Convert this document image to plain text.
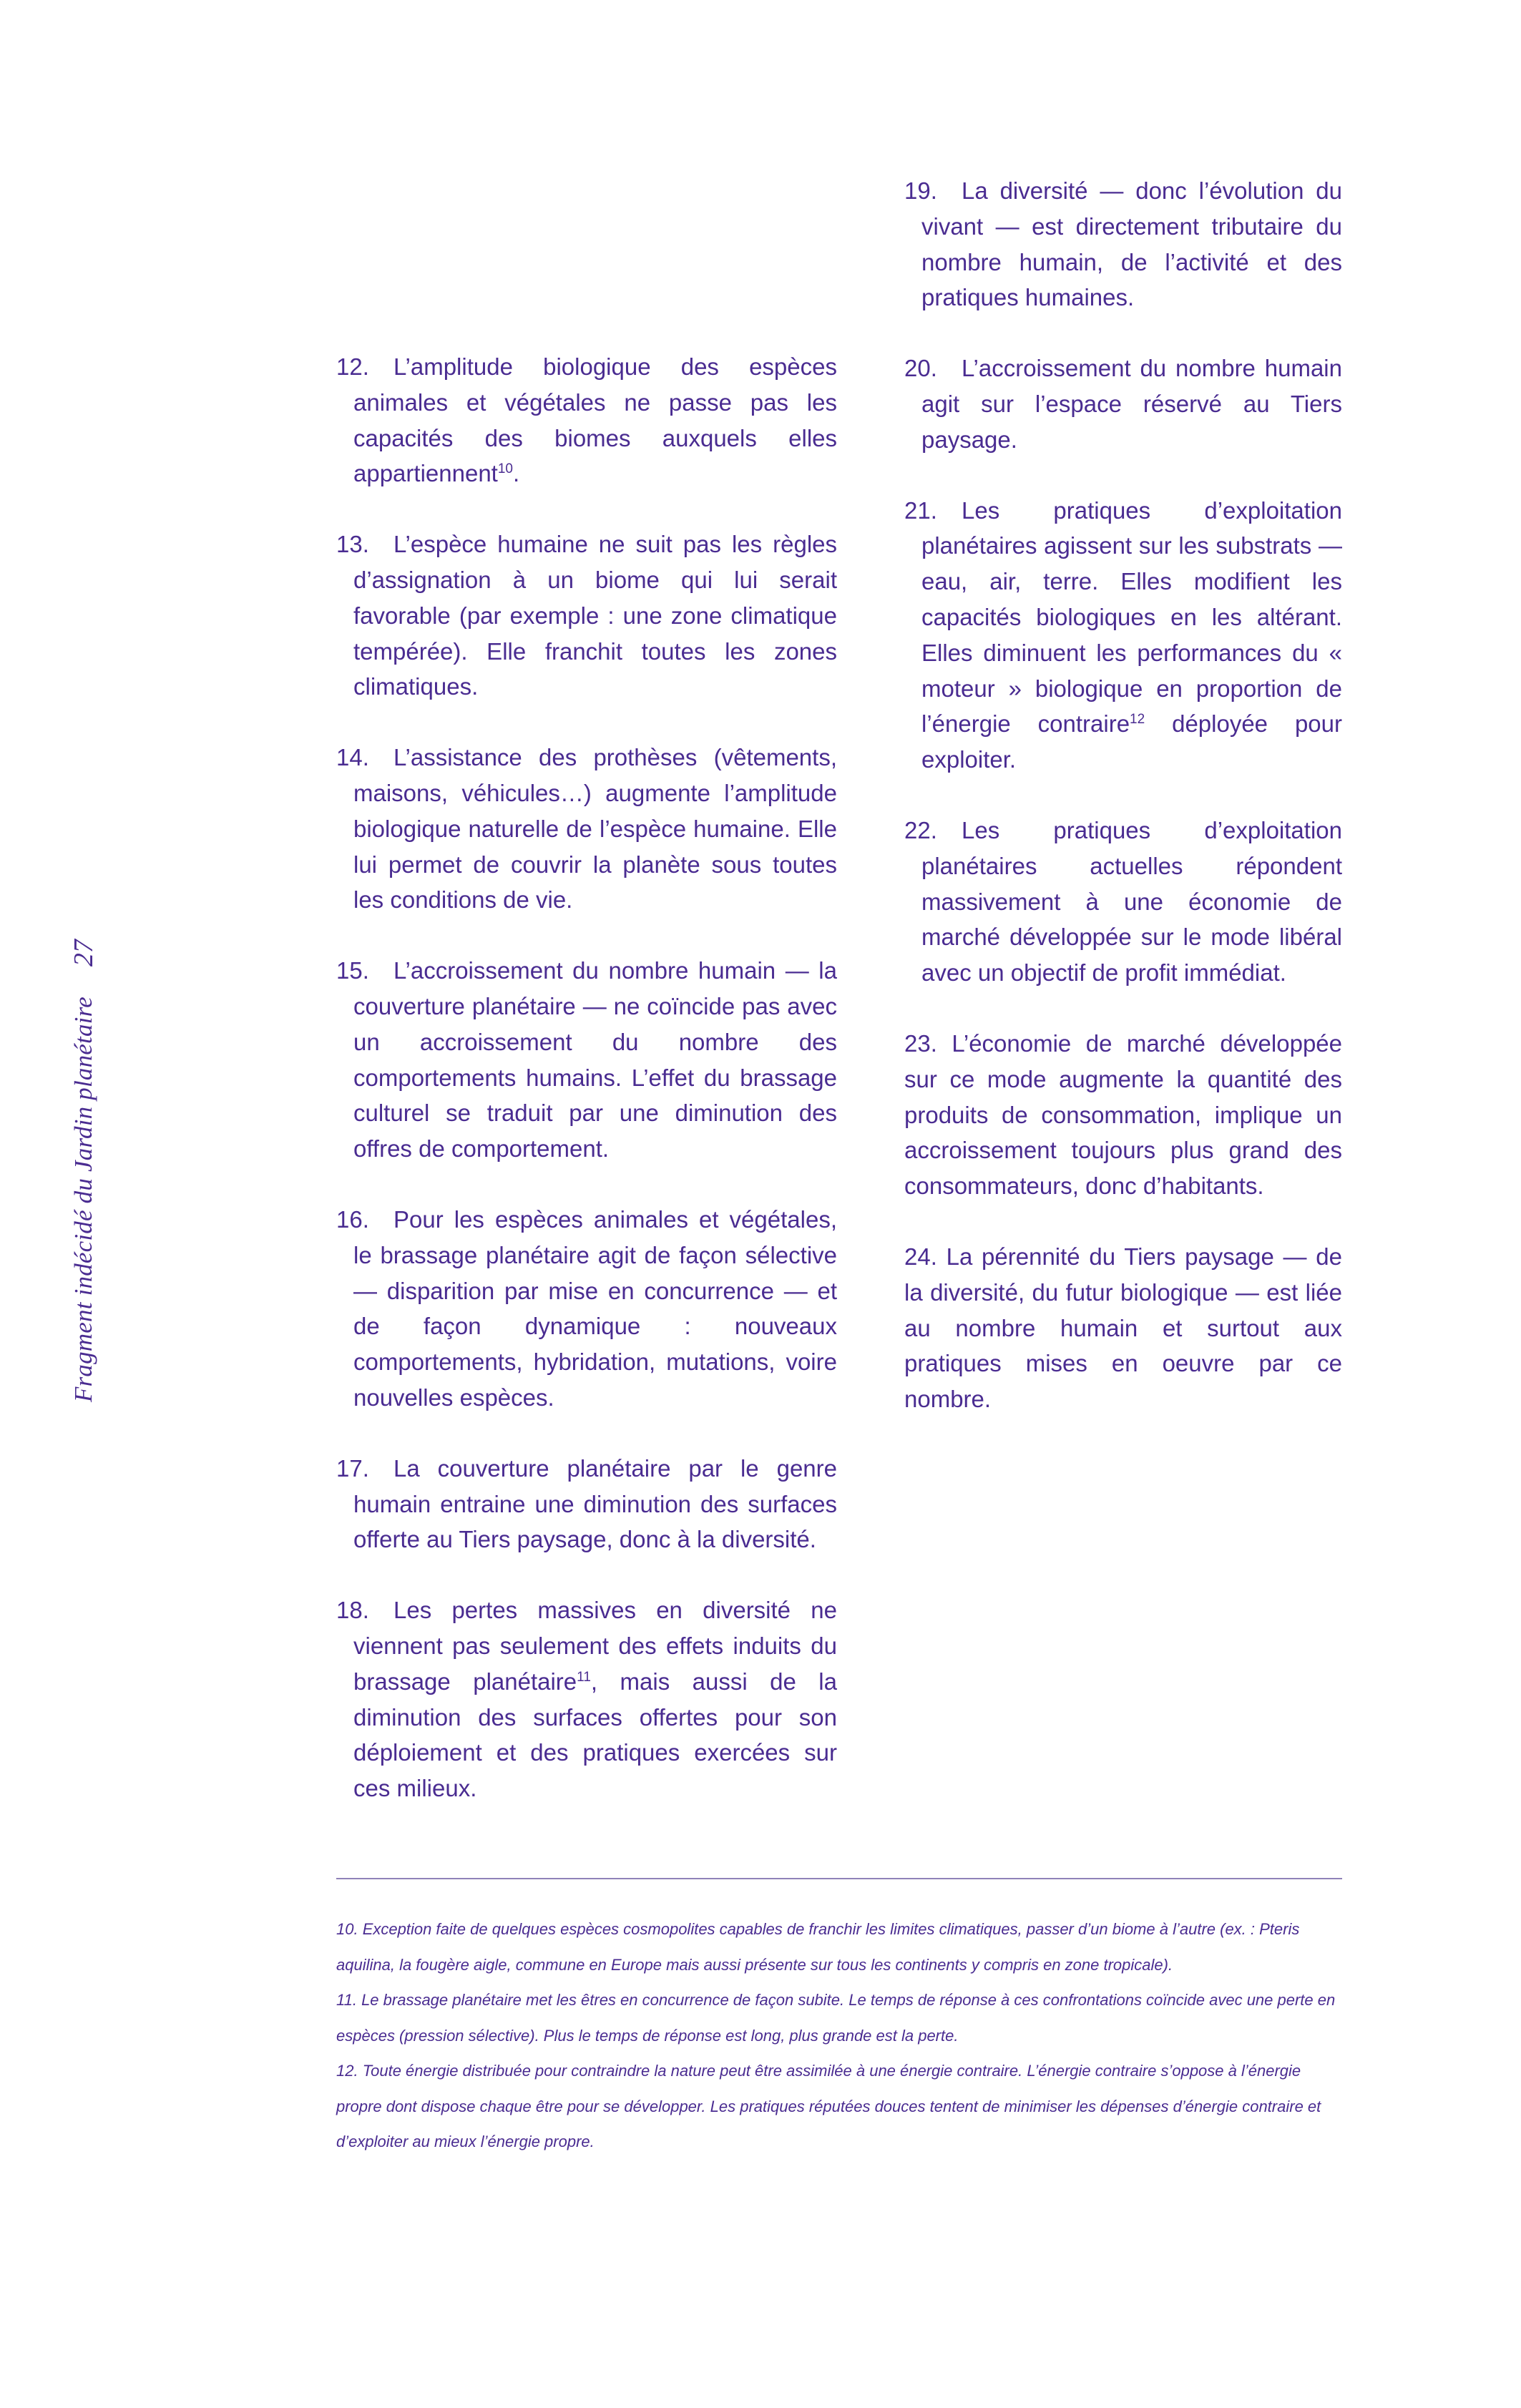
Fragment indécidé du Jardin planétaire
27

12.	L’amplitude biologique des espèces animales et végétales ne passe pas les capacités des biomes auxquels elles appartiennent$^{10}$.

13.	L’espèce humaine ne suit pas les règles d’assignation à un biome qui lui serait favorable (par exemple : une zone climatique tempérée). Elle franchit toutes les zones climatiques.

14.	L’assistance des prothèses (vêtements, maisons, véhicules…) augmente l’amplitude biologique naturelle de l’espèce humaine. Elle lui permet de couvrir la planète sous toutes les conditions de vie.

15.	L’accroissement du nombre humain — la couverture planétaire — ne coïncide pas avec un accroissement du nombre des comportements humains. L’effet du brassage culturel se traduit par une diminution des offres de comportement.

16.	Pour les espèces animales et végétales, le brassage planétaire agit de façon sélective — disparition par mise en concurrence — et de façon dynamique : nouveaux comportements, hybridation, mutations, voire nouvelles espèces.

17.	La couverture planétaire par le genre humain entraine une diminution des surfaces offerte au Tiers paysage, donc à la diversité.

18.	Les pertes massives en diversité ne viennent pas seulement des effets induits du brassage planétaire$^{11}$, mais aussi de la diminution des surfaces offertes pour son déploiement et des pratiques exercées sur ces milieux.

19.	La diversité — donc l’évolution du vivant — est directement tributaire du nombre humain, de l’activité et des pratiques humaines.

20.	L’accroissement du nombre humain agit sur l’espace réservé au Tiers paysage.

21.	Les pratiques d’exploitation planétaires agissent sur les substrats — eau, air, terre. Elles modifient les capacités biologiques en les altérant. Elles diminuent les performances du « moteur » biologique en proportion de l’énergie contraire$^{12}$ déployée pour exploiter.

22.	Les pratiques d’exploitation planétaires actuelles répondent massivement à une économie de marché développée sur le mode libéral avec un objectif de profit immédiat.

23. L’économie de marché développée sur ce mode augmente la quantité des produits de consommation, implique un accroissement toujours plus grand des consommateurs, donc d’habitants.

24. La pérennité du Tiers paysage — de la diversité, du futur biologique — est liée au nombre humain et surtout aux pratiques mises en oeuvre par ce nombre.

10. Exception faite de quelques espèces cosmopolites capables de franchir les limites climatiques, passer d’un biome à l’autre (ex. : Pteris aquilina, la fougère aigle, commune en Europe mais aussi présente sur tous les continents y compris en zone tropicale).

11. Le brassage planétaire met les êtres en concurrence de façon subite. Le temps de réponse à ces confrontations coïncide avec une perte en espèces (pression sélective). Plus le temps de réponse est long, plus grande est la perte.

12. Toute énergie distribuée pour contraindre la nature peut être assimilée à une énergie contraire. L’énergie contraire s’oppose à l’énergie propre dont dispose chaque être pour se développer. Les pratiques réputées douces tentent de minimiser les dépenses d’énergie contraire et d’exploiter au mieux l’énergie propre.
